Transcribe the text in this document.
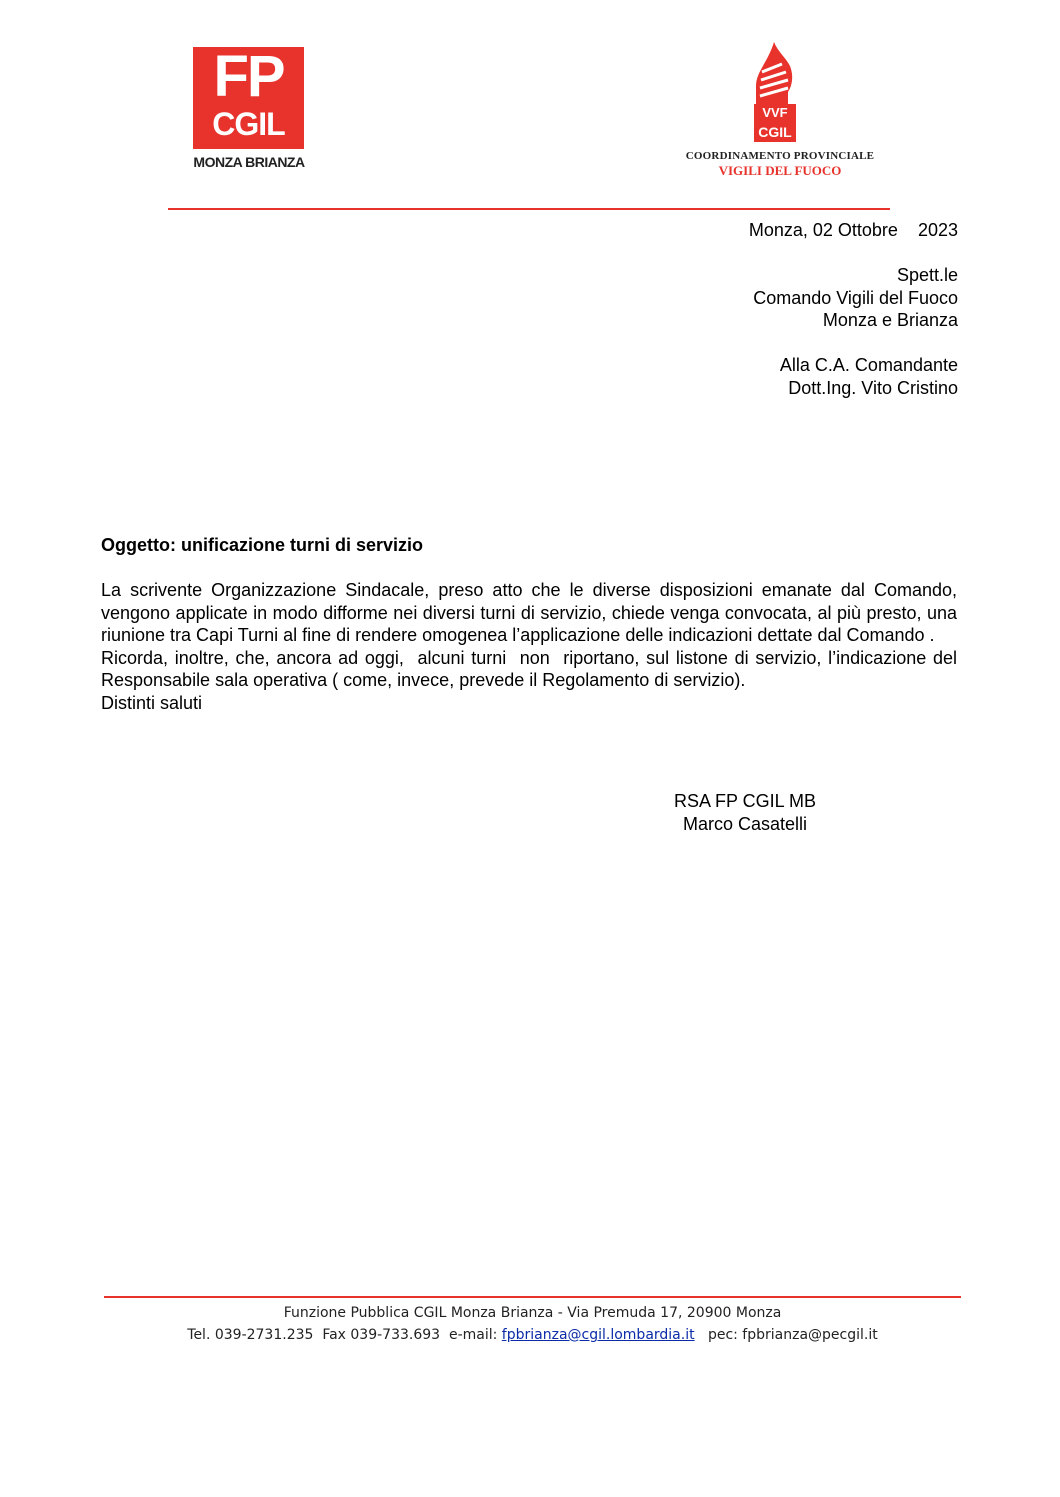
FP
CGIL
MONZA BRIANZA
VVF
CGIL
COORDINAMENTO PROVINCIALE
VIGILI DEL FUOCO
Monza, 02 Ottobre    2023
Spett.le
Comando Vigili del Fuoco
Monza e Brianza
Alla C.A. Comandante
Dott.Ing. Vito Cristino
Oggetto: unificazione turni di servizio

La scrivente Organizzazione Sindacale, preso atto che le diverse disposizioni emanate dal Comando, vengono applicate in modo difforme nei diversi turni di servizio, chiede venga convocata, al più presto, una riunione tra Capi Turni al fine di rendere omogenea l’applicazione delle indicazioni dettate dal Comando .

Ricorda, inoltre, che, ancora ad oggi,  alcuni turni  non  riportano, sul listone di servizio, l’indicazione del Responsabile sala operativa ( come, invece, prevede il Regolamento di servizio).

Distinti saluti

RSA FP CGIL MB
Marco Casatelli
Funzione Pubblica CGIL Monza Brianza - Via Premuda 17, 20900 Monza
Tel. 039-2731.235  Fax 039-733.693  e-mail: fpbrianza@cgil.lombardia.it   pec: fpbrianza@pecgil.it
